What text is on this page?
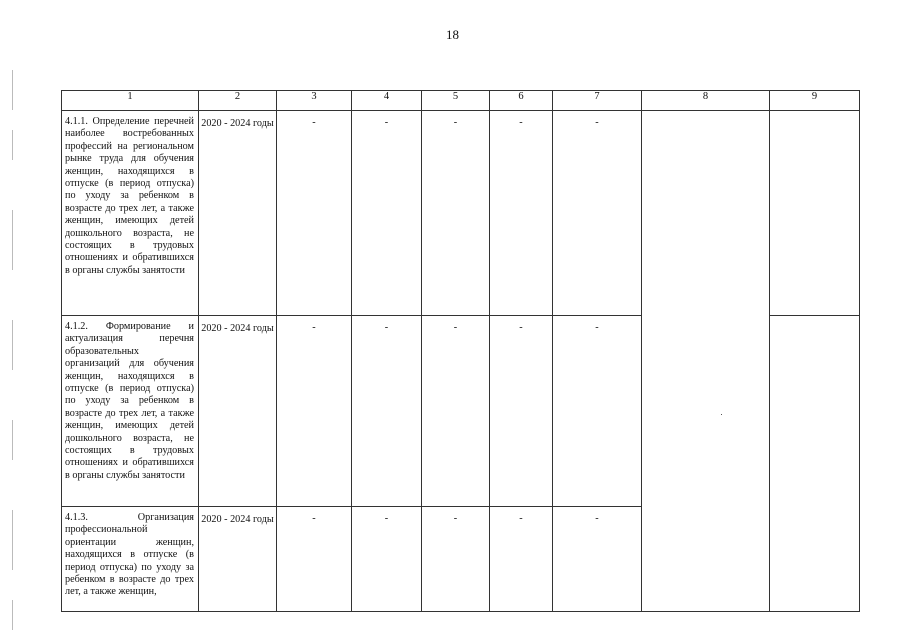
18
1	2	3	4	5	6	7	8	9
4.1.1. Определение перечней наиболее востребованных профессий на региональном рынке труда для обучения женщин, находящихся в отпуске (в период отпуска) по уходу за ребенком в возрасте до трех лет, а также женщин, имеющих детей дошкольного возраста, не состоящих в трудовых отношениях и обратившихся в органы службы занятости	2020 - 2024 годы	-	-	-	-	-		
4.1.2. Формирование и актуализация перечня образовательных организаций для обучения женщин, находящихся в отпуске (в период отпуска) по уходу за ребенком в возрасте до трех лет, а также женщин, имеющих детей дошкольного возраста, не состоящих в трудовых отношениях и обратившихся в органы службы занятости	2020 - 2024 годы	-	-	-	-	-		
4.1.3. Организация профессиональной ориентации женщин, находящихся в отпуске (в период отпуска) по уходу за ребенком в возрасте до трех лет, а также женщин,	2020 - 2024 годы	-	-	-	-	-		
